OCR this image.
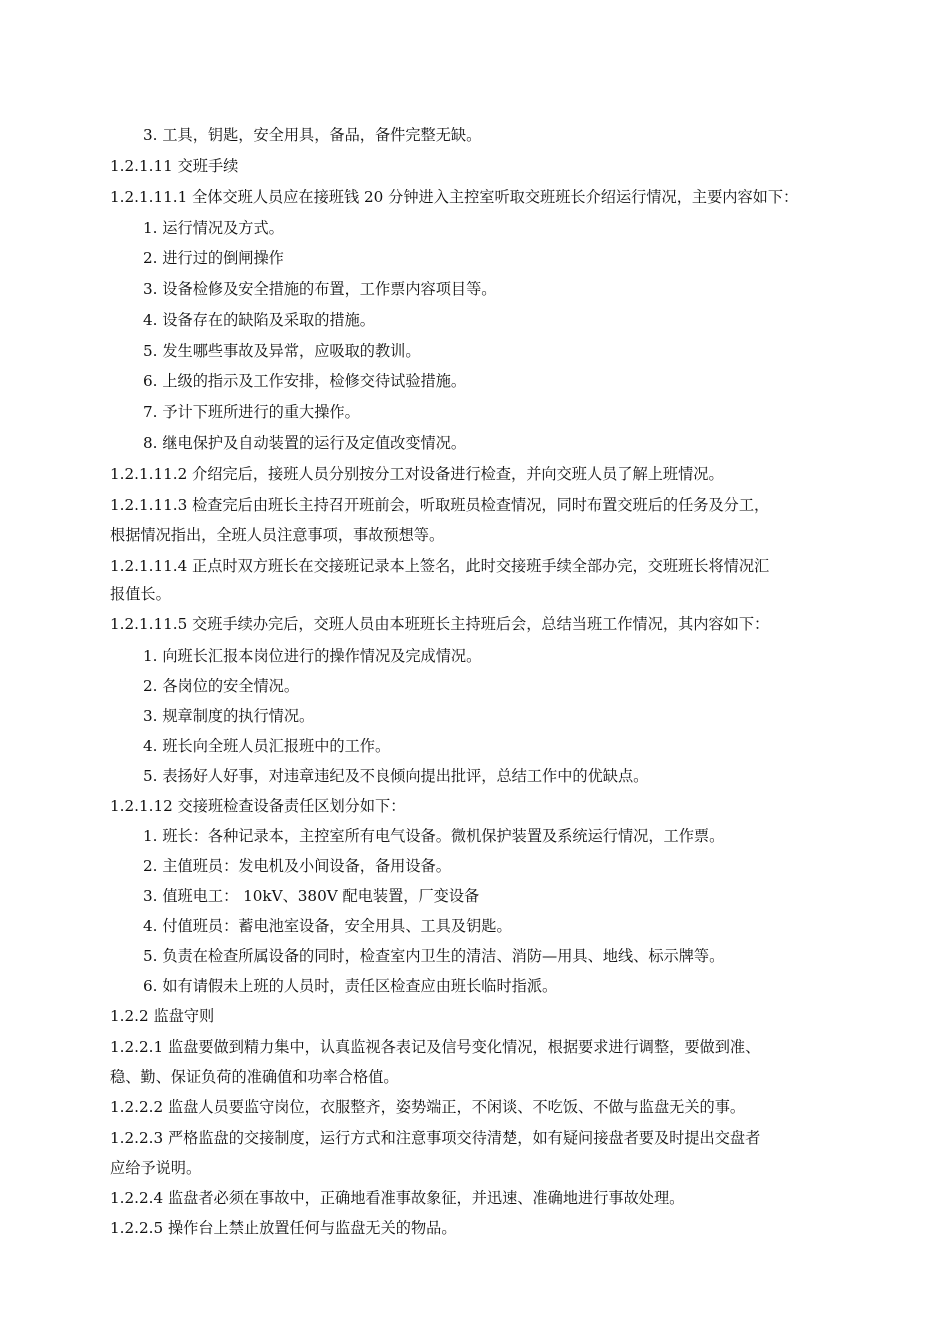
3. 工具，钥匙，安全用具，备品，备件完整无缺。
1.2.1.11 交班手续
1.2.1.11.1 全体交班人员应在接班钱 20 分钟进入主控室听取交班班长介绍运行情况，主要内容如下：
1. 运行情况及方式。
2. 进行过的倒闸操作
3. 设备检修及安全措施的布置，工作票内容项目等。
4. 设备存在的缺陷及采取的措施。
5. 发生哪些事故及异常，应吸取的教训。
6. 上级的指示及工作安排，检修交待试验措施。
7. 予计下班所进行的重大操作。
8. 继电保护及自动装置的运行及定值改变情况。
1.2.1.11.2 介绍完后，接班人员分别按分工对设备进行检查，并向交班人员了解上班情况。
1.2.1.11.3 检查完后由班长主持召开班前会，听取班员检查情况，同时布置交班后的任务及分工，
根据情况指出，全班人员注意事项，事故预想等。
1.2.1.11.4 正点时双方班长在交接班记录本上签名，此时交接班手续全部办完，交班班长将情况汇
报值长。
1.2.1.11.5 交班手续办完后，交班人员由本班班长主持班后会，总结当班工作情况，其内容如下：
1. 向班长汇报本岗位进行的操作情况及完成情况。
2. 各岗位的安全情况。
3. 规章制度的执行情况。
4. 班长向全班人员汇报班中的工作。
5. 表扬好人好事，对违章违纪及不良倾向提出批评，总结工作中的优缺点。
1.2.1.12 交接班检查设备责任区划分如下：
1. 班长：各种记录本，主控室所有电气设备。微机保护装置及系统运行情况，工作票。
2. 主值班员：发电机及小间设备，备用设备。
3. 值班电工： 10kV、380V 配电装置，厂变设备
4. 付值班员：蓄电池室设备，安全用具、工具及钥匙。
5. 负责在检查所属设备的同时，检查室内卫生的清洁、消防—用具、地线、标示牌等。
6. 如有请假未上班的人员时，责任区检查应由班长临时指派。
1.2.2 监盘守则
1.2.2.1 监盘要做到精力集中，认真监视各表记及信号变化情况，根据要求进行调整，要做到准、
稳、勤、保证负荷的准确值和功率合格值。
1.2.2.2 监盘人员要监守岗位，衣服整齐，姿势端正，不闲谈、不吃饭、不做与监盘无关的事。
1.2.2.3 严格监盘的交接制度，运行方式和注意事项交待清楚，如有疑问接盘者要及时提出交盘者
应给予说明。
1.2.2.4 监盘者必须在事故中，正确地看准事故象征，并迅速、准确地进行事故处理。
1.2.2.5 操作台上禁止放置任何与监盘无关的物品。
